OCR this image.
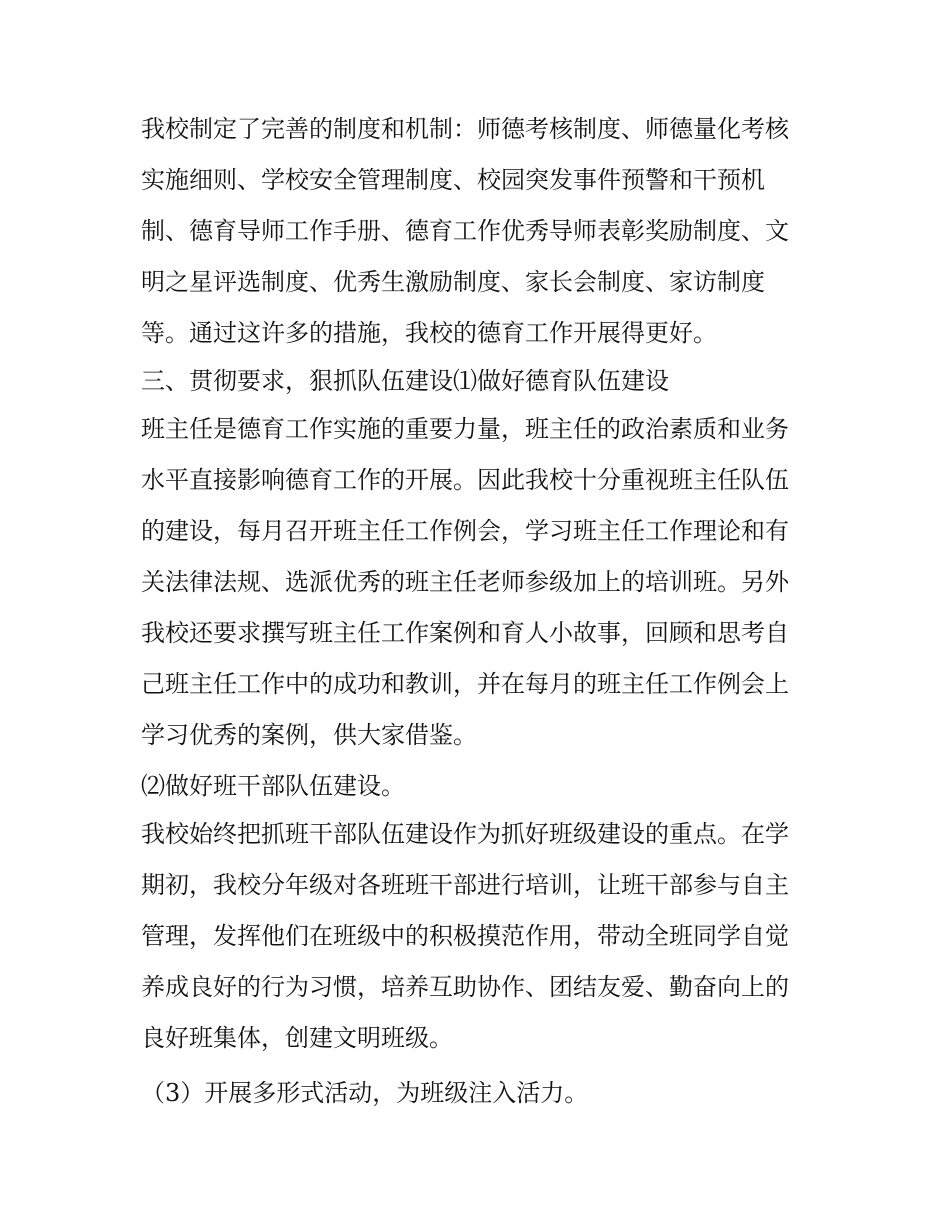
我校制定了完善的制度和机制：师德考核制度、师德量化考核
实施细则、学校安全管理制度、校园突发事件预警和干预机
制、德育导师工作手册、德育工作优秀导师表彰奖励制度、文
明之星评选制度、优秀生激励制度、家长会制度、家访制度
等。通过这许多的措施，我校的德育工作开展得更好。
三、贯彻要求，狠抓队伍建设⑴做好德育队伍建设
班主任是德育工作实施的重要力量，班主任的政治素质和业务
水平直接影响德育工作的开展。因此我校十分重视班主任队伍
的建设，每月召开班主任工作例会，学习班主任工作理论和有
关法律法规、选派优秀的班主任老师参级加上的培训班。另外
我校还要求撰写班主任工作案例和育人小故事，回顾和思考自
己班主任工作中的成功和教训，并在每月的班主任工作例会上
学习优秀的案例，供大家借鉴。
⑵做好班干部队伍建设。
我校始终把抓班干部队伍建设作为抓好班级建设的重点。在学
期初，我校分年级对各班班干部进行培训，让班干部参与自主
管理，发挥他们在班级中的积极摸范作用，带动全班同学自觉
养成良好的行为习惯，培养互助协作、团结友爱、勤奋向上的
良好班集体，创建文明班级。
（3）开展多形式活动，为班级注入活力。
